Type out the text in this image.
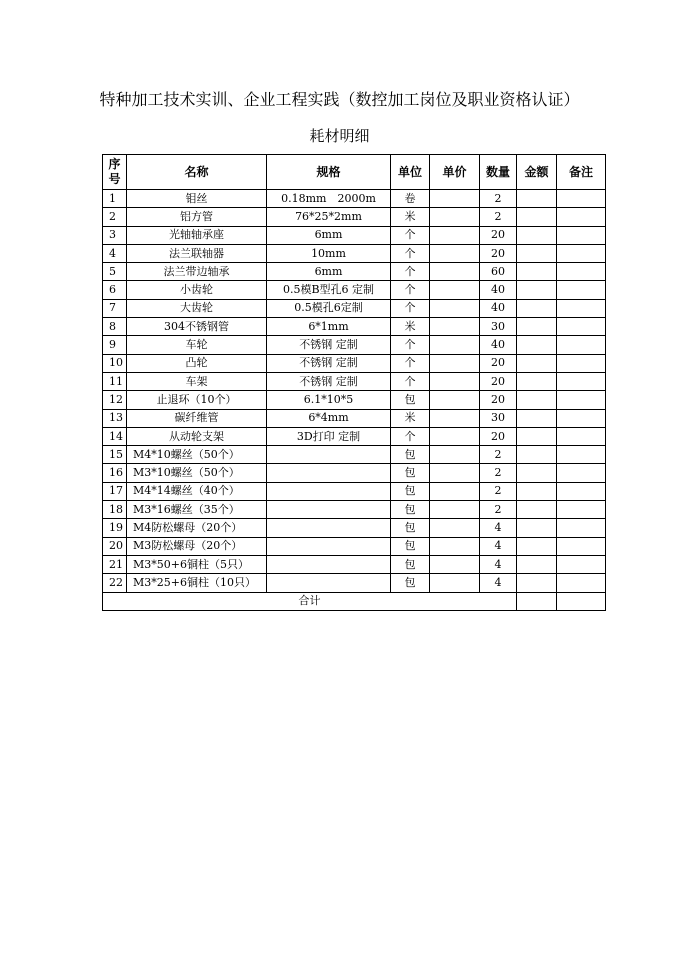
特种加工技术实训、企业工程实践（数控加工岗位及职业资格认证）
耗材明细
序
号	名称	规格	单位	单价	数量	金额	备注
1	钼丝	0.18mm　2000m	卷		2		
2	铝方管	76*25*2mm	米		2		
3	光轴轴承座	6mm	个		20		
4	法兰联轴器	10mm	个		20		
5	法兰带边轴承	6mm	个		60		
6	小齿轮	0.5模B型孔6 定制	个		40		
7	大齿轮	0.5模孔6定制	个		40		
8	304不锈钢管	6*1mm	米		30		
9	车轮	不锈钢 定制	个		40		
10	凸轮	不锈钢 定制	个		20		
11	车架	不锈钢 定制	个		20		
12	止退环（10个）	6.1*10*5	包		20		
13	碳纤维管	6*4mm	米		30		
14	从动轮支架	3D打印 定制	个		20		
15	M4*10螺丝（50个）		包		2		
16	M3*10螺丝（50个）		包		2		
17	M4*14螺丝（40个）		包		2		
18	M3*16螺丝（35个）		包		2		
19	M4防松螺母（20个）		包		4		
20	M3防松螺母（20个）		包		4		
21	M3*50+6铜柱（5只）		包		4		
22	M3*25+6铜柱（10只）		包		4		
合计							
